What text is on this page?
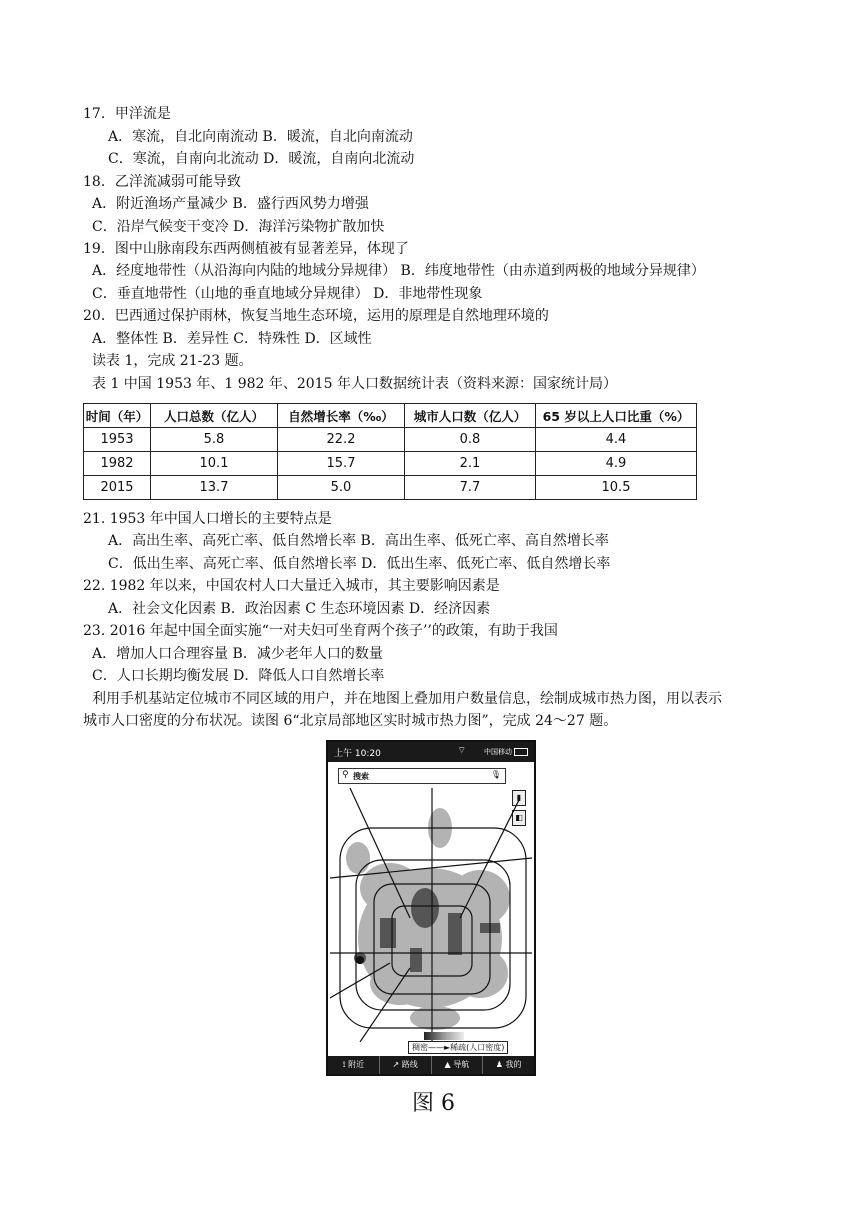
17．甲洋流是
A．寒流，自北向南流动 B．暖流，自北向南流动
C．寒流，自南向北流动 D．暖流，自南向北流动
18．乙洋流减弱可能导致
A．附近渔场产量减少 B．盛行西风势力增强
C．沿岸气候变干变冷 D．海洋污染物扩散加快
19．图中山脉南段东西两侧植被有显著差异，体现了
A．经度地带性（从沿海向内陆的地域分异规律） B．纬度地带性（由赤道到两极的地域分异规律）
C．垂直地带性（山地的垂直地域分异规律） D．非地带性现象
20．巴西通过保护雨林，恢复当地生态环境，运用的原理是自然地理环境的
A．整体性 B．差异性 C．特殊性 D．区域性
读表 1，完成 21-23 题。
表 1 中国 1953 年、1 982 年、2015 年人口数据统计表（资料来源：国家统计局）
时间（年）	人口总数（亿人）	自然增长率（‰）	城市人口数（亿人）	65 岁以上人口比重（%）
1953	5.8	22.2	0.8	4.4
1982	10.1	15.7	2.1	4.9
2015	13.7	5.0	7.7	10.5
21. 1953 年中国人口增长的主要特点是
A．高出生率、高死亡率、低自然增长率 B．高出生率、低死亡率、高自然增长率
C．低出生率、高死亡率、低自然增长率 D．低出生率、低死亡率、低自然增长率
22. 1982 年以来，中国农村人口大量迁入城市，其主要影响因素是
A．社会文化因素 B．政治因素 C 生态环境因素 D．经济因素
23. 2016 年起中国全面实施“一对夫妇可坐育两个孩子’’的政策，有助于我国
A．增加人口合理容量 B．减少老年人口的数量
C．人口长期均衡发展 D．降低人口自然增长率
利用手机基站定位城市不同区域的用户，并在地图上叠加用户数量信息，绘制成城市热力图，用以表示
城市人口密度的分布状况。读图 6“北京局部地区实时城市热力图”，完成 24～27 题。
上午 10:20	⌔	中国移动
⚲ 搜索	🎙
▮
◧
稠密——►稀疏(人口密度)
⟟ 附近	↗ 路线	▲ 导航	♟ 我的
图 6
